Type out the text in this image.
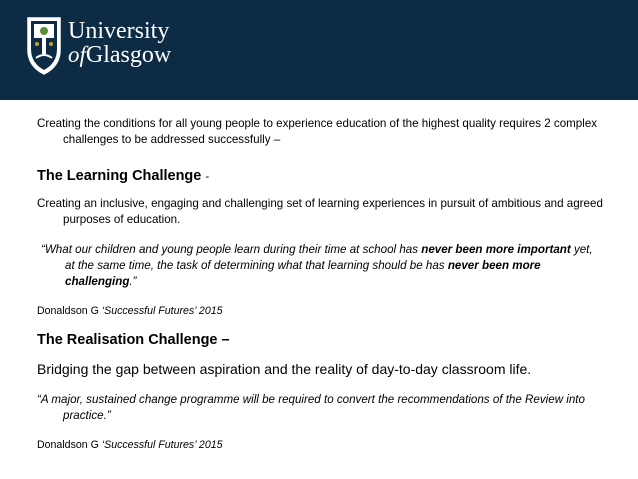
University
ofGlasgow

Creating the conditions for all young people to experience education of the highest quality requires 2 complex challenges to be addressed successfully –

The Learning Challenge -

Creating an inclusive, engaging and challenging set of learning experiences in pursuit of ambitious and agreed purposes of education.

“What our children and young people learn during their time at school has never been more important yet, at the same time, the task of determining what that learning should be has never been more challenging.”

Donaldson G ‘Successful Futures’ 2015

The Realisation Challenge –

Bridging the gap between aspiration and the reality of day-to-day classroom life.

“A major, sustained change programme will be required to convert the recommendations of the Review into practice.”

Donaldson G ‘Successful Futures’ 2015
